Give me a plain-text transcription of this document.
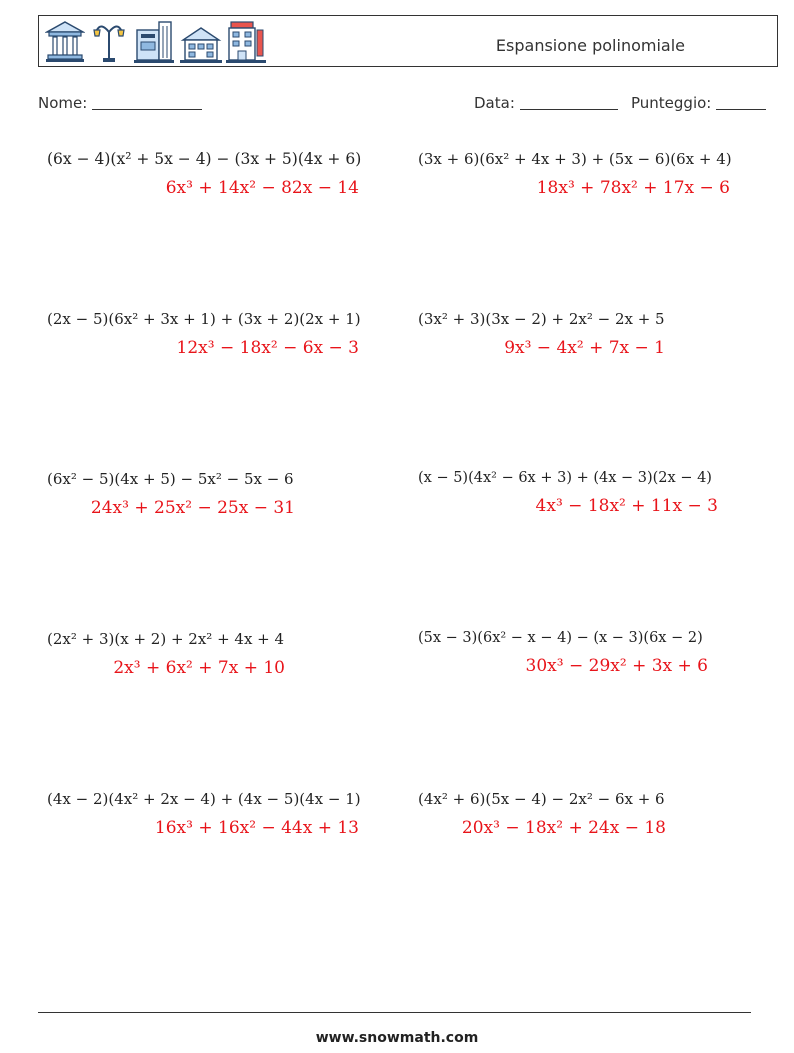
Espansione polinomiale
Nome:	Data:	Punteggio:
(6x − 4)(x² + 5x − 4) − (3x + 5)(4x + 6)
6x³ + 14x² − 82x − 14
(3x + 6)(6x² + 4x + 3) + (5x − 6)(6x + 4)
18x³ + 78x² + 17x − 6
(2x − 5)(6x² + 3x + 1) + (3x + 2)(2x + 1)
12x³ − 18x² − 6x − 3
(3x² + 3)(3x − 2) + 2x² − 2x + 5
9x³ − 4x² + 7x − 1
(6x² − 5)(4x + 5) − 5x² − 5x − 6
24x³ + 25x² − 25x − 31
(x − 5)(4x² − 6x + 3) + (4x − 3)(2x − 4)
4x³ − 18x² + 11x − 3
(2x² + 3)(x + 2) + 2x² + 4x + 4
2x³ + 6x² + 7x + 10
(5x − 3)(6x² − x − 4) − (x − 3)(6x − 2)
30x³ − 29x² + 3x + 6
(4x − 2)(4x² + 2x − 4) + (4x − 5)(4x − 1)
16x³ + 16x² − 44x + 13
(4x² + 6)(5x − 4) − 2x² − 6x + 6
20x³ − 18x² + 24x − 18
www.snowmath.com
